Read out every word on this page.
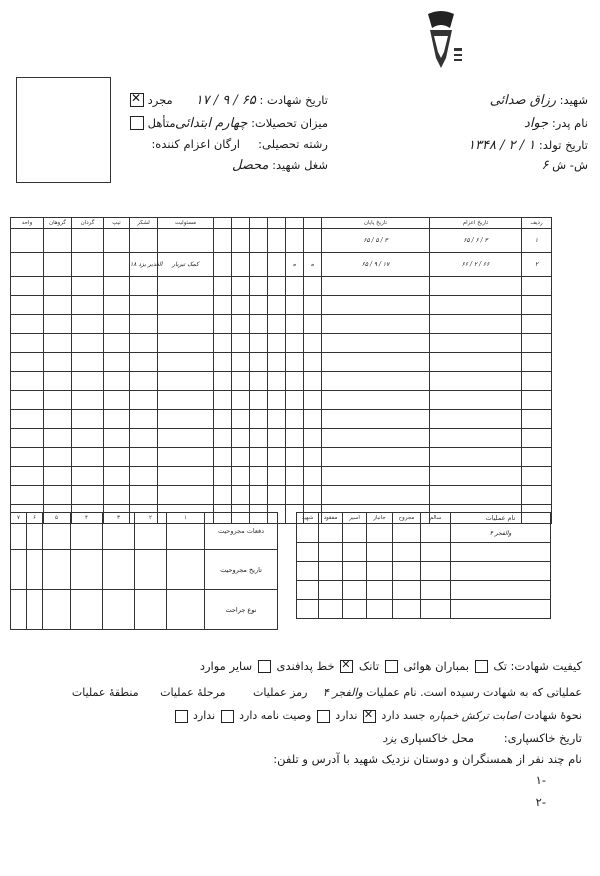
شهید: رزاق صدائی
نام پدر: جواد
تاریخ تولد: ۱ / ۲ / ۱۳۴۸
ش- ش ۶
تاریخ شهادت : ۶۵ / ۹ / ۱۷
مجرد ✕
میزان تحصیلات: چهارم ابتدائی
متأهل
رشته تحصیلی:
ارگان اعزام کننده:
شغل شهید: محصل
واحد	گروهان	گردان	تیپ	لشکر	مسئولیت							تاریخ پایان	تاریخ اعزام	ردیف
												۶۵ / ۵ / ۳	۶۵ / ۶ / ۳	۱
				۱۸ الغدیر یزد	کمک تیربار					ه	ه	۶۵ / ۹ / ۱۷	۶۶ / ۲ / ۶۶	۲

۷	۶	۵	۴	۳	۲	۱	دفعات مجروحیت

							تاریخ مجروحیت
							نوع جراحت
شهید	مفقود	اسیر	جانباز	مجروح	سالم	نام عملیات
						والفجر ۴

کیفیت شهادت: تک  بمباران هوائی  تانک ✕ خط پدافندی  سایر موارد
عملیاتی که به شهادت رسیده است. نام عملیات والفجر ۴ رمز عملیات مرحلهٔ عملیات منطقهٔ عملیات
نحوهٔ شهادت اصابت ترکش خمپاره جسد دارد ✕ ندارد  وصیت نامه دارد  ندارد
تاریخ خاکسپاری: محل خاکسپاری یزد
نام چند نفر از همسنگران و دوستان نزدیک شهید با آدرس و تلفن:
-۱
-۲
